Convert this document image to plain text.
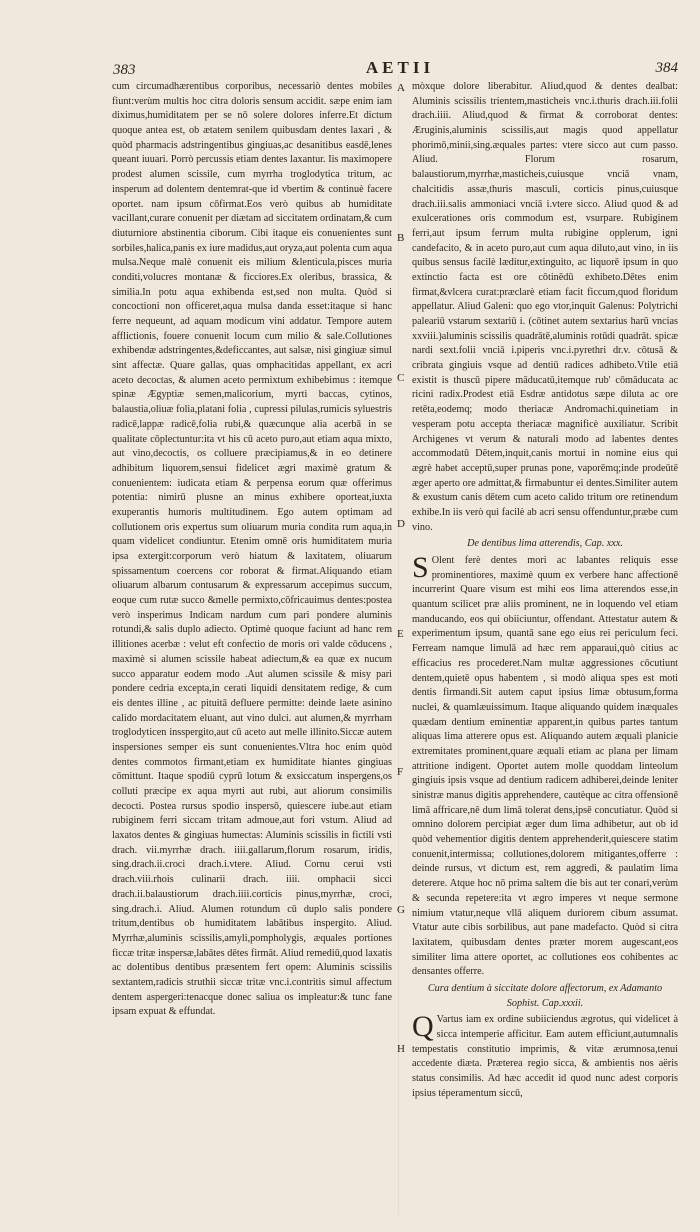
383	AETII	384
A
B
C
D
E
F
G
H

cum circumadhærentibus corporibus, necessariò dentes mobiles fiunt:verùm multis hoc citra doloris sensum accidit. sæpe enim iam diximus,humiditatem per se nō solere dolores inferre.Et dictum quoque antea est, ob ætatem senilem quibusdam dentes laxari , & quòd pharmacis adstringentibus gingiuas,ac desanitibus easdē,lenes queant iuuari. Porrò percussis etiam dentes laxantur. Iis maximopere prodest alumen scissile, cum myrrha troglodytica tritum, ac insperum ad dolentem dentemrat-que id vbertim & continuè facere oportet. nam ipsum cōfirmat.Eos verò quibus ab humiditate vacillant,curare conuenit per diætam ad siccitatem ordinatam,& cum diuturniore abstinentia ciborum. Cibi itaque eis conuenientes sunt sorbiles,halica,panis ex iure madidus,aut oryza,aut polenta cum aqua mulsa.Neque malè conuenit eis milium &lenticula,pisces muria conditi,volucres montanæ & ficciores.Ex oleribus, brassica, & similia.In potu aqua exhibenda est,sed non multa. Quòd si concoctioni non officeret,aqua mulsa danda esset:itaque si hanc ferre nequeunt, ad aquam modicum vini addatur. Tempore autem afflictionis, fouere conuenit locum cum milio & sale.Collutiones exhibendæ adstringentes,&deficcantes, aut salsæ, nisi gingiuæ simul sint affectæ. Quare gallas, quas omphacitidas appellant, ex acri aceto decoctas, & alumen aceto permixtum exhibebimus : itemque spinæ Ægyptiæ semen,malicorium, myrti baccas, cytinos, balaustia,oliuæ folia,platani folia , cupressi pilulas,rumicis syluestris radicē,lappæ radicē,folia rubi,& quæcunque alia acerbā in se qualitate cōplectuntur:ita vt his cū aceto puro,aut etiam aqua mixto, aut vino,decoctis, os colluere præcipiamus,& in eo detinere adhibitum liquorem,sensui fidelicet ægri maximè gratum & conuenientem: iudicata etiam & perpensa eorum quæ offerimus potentia: nimirū plusne an minus exhibere oporteat,iuxta exuperantis humoris multitudinem. Ego autem optimam ad collutionem oris expertus sum oliuarum muria condita rum aqua,in quam videlicet condiuntur. Etenim omnē oris humiditatem muria ipsa extergit:corporum verò hiatum & laxitatem, oliuarum spissamentum coercens cor roborat & firmat.Aliquando etiam oliuarum albarum contusarum & expressarum accepimus succum, eoque cum rutæ succo &melle permixto,cōfricauimus dentes:postea verò insperimus Indicam nardum cum pari pondere aluminis rotundi,& salis duplo adiecto. Optimè quoque faciunt ad hanc rem illitiones acerbæ : velut eft confectio de moris ori valde cōducens , maximè si alumen scissile habeat adiectum,& ea quæ ex nucum succo apparatur eodem modo .Aut alumen scissile & misy pari pondere cedria excepta,in cerati liquidi densitatem redige, & cum eis dentes illine , ac pituitā defluere permitte: deinde laete asinino calido mordacitatem eluant, aut vino dulci. aut alumen,& myrrham troglodyticen insspergito,aut cū aceto aut melle illinito.Siccæ autem inspersiones semper eis sunt conuenientes.Vltra hoc enim quòd dentes commotos firmant,etiam ex humiditate hiantes gingiuas cōmittunt. Itaque spodiū cyprū lotum & exsiccatum inspergens,os colluti præcipe ex aqua myrti aut rubi, aut aliorum consimilis decocti. Postea rursus spodio inspersō, quiescere iube.aut etiam rubiginem ferri siccam tritam admoue,aut fori vstum. Aliud ad laxatos dentes & gingiuas humectas: Aluminis scissilis in fictili vsti drach. vii.myrrhæ drach. iiii.gallarum,florum rosarum, iridis, sing.drach.ii.croci drach.i.vtere. Aliud. Cornu cerui vsti drach.viii.rhois culinarii drach. iiii. omphacii sicci drach.ii.balaustiorum drach.iiii.corticis pinus,myrrhæ, croci, sing.drach.i. Aliud. Alumen rotundum cū duplo salis pondere tritum,dentibus ob humiditatem labātibus inspergito. Aliud. Myrrhæ,aluminis scissilis,amyli,pompholygis, æquales portiones ficcæ tritæ inspersæ,labātes dētes firmāt. Aliud remediū,quod laxatis ac dolentibus dentibus præsentem fert opem: Aluminis scissilis sextantem,radicis struthii siccæ tritæ vnc.i.contritis simul affectum dentem aspergeri:tenacque donec saliua os impleatur:& tunc fane ipsam expuat & effundat.

mòxque dolore liberabitur. Aliud,quod & dentes dealbat: Aluminis scissilis trientem,masticheis vnc.i.thuris drach.iii.folii drach.iiii. Aliud,quod & firmat & corroborat dentes: Æruginis,aluminis scissilis,aut magis quod appellatur phorimō,minii,sing.æquales partes: vtere sicco aut cum passo. Aliud. Florum rosarum, balaustiorum,myrrhæ,masticheis,cuiusque vnciā vnam, chalcitidis assæ,thuris masculi, corticis pinus,cuiusque drach.iii.salis ammoniaci vnciā i.vtere sicco. Aliud quod & ad exulcerationes oris commodum est, vsurpare. Rubiginem ferri,aut ipsum ferrum multa rubigine opplerum, igni candefacito, & in aceto puro,aut cum aqua diluto,aut vino, in iis quibus sensus facilè læditur,extinguito, ac liquorē ipsum in quo extinctio facta est ore cōtinēdū exhibeto.Dētes enim firmat,&vlcera curat:præclarè etiam facit ficcum,quod floridum appellatur. Aliud Galeni: quo ego vtor,inquit Galenus: Polytrichi paleariū vstarum sextariū i. (cōtinet autem sextarius harū vncias xxviii.)aluminis scissilis quadrātē,aluminis rotūdi quadrāt. spicæ nardi sext.folii vnciā i.piperis vnc.i.pyrethri dr.v. cōtusā & cribrata gingiuis vsque ad dentiū radices adhibeto.Vtile etiā existit is thuscū pipere māducatū,itemque rub' cōmāducata ac ricini radix.Prodest etiā Esdræ antidotus sæpe diluta ac ore retēta,eodemq; modo theriacæ Andromachi.quinetiam in vesperam potu accepta theriacæ magnificè auxiliatur. Scribit Archigenes vt verum & naturali modo ad labentes dentes accommodatū Dētem,inquit,canis mortui in nomine eius qui ægrè habet acceptū,super prunas pone, vaporēmq;inde prodeūtē æger aperto ore admittat,& firmabuntur ei dentes.Similiter autem & exustum canis dētem cum aceto calido tritum ore retinendum exhibe.In iis verò qui facilè ab acri sensu offenduntur,præbe cum vino.

De dentibus lima atterendis, Cap. xxx.

S Olent ferè dentes mori ac labantes reliquis esse prominentiores, maximè quum ex verbere hanc affectionē incurrerint Quare visum est mihi eos lima atterendos esse,in quantum scilicet præ aliis prominent, ne in loquendo vel etiam manducando, eos qui obiiciuntur, offendant. Attestatur autem & experimentum ipsum, quantā sane ego eius rei periculum feci. Ferream namque limulā ad hæc rem apparaui,quò citius ac efficacius res procederet.Nam multæ aggressiones cōcutiunt dentem,quietē opus habentem , si modò aliqua spes est moti dentis firmandi.Sit autem caput ipsius limæ obtusum,forma nuclei, & quamlæuissimum. Itaque aliquando quidem inæquales quædam dentium eminentiæ apparent,in quibus partes tantum aliquas lima atterere opus est. Aliquando autem æquali planicie extremitates prominent,quare æquali etiam ac plana per limam attritione indigent. Oportet autem molle quoddam linteolum gingiuis ipsis vsque ad dentium radicem adhiberei,deinde leniter sinistræ manus digitis apprehendere, cautèque ac citra offensionē limā affricare,nē dum limā tolerat dens,ipsē concutiatur. Quòd si omnino dolorem percipiat æger dum lima adhibetur, aut ob id quòd vehementior digitis dentem apprehenderit,quiescere statim conuenit,intermissa; collutiones,dolorem mitigantes,offerre : deinde rursus, vt dictum est, rem aggredi, & paulatim lima deterere. Atque hoc nō prima saltem die bis aut ter conari,verùm & secunda repetere:ita vt ægro imperes vt neque sermone nimium vtatur,neque vllā aliquem duriorem cibum assumat. Vtatur aute cibis sorbilibus, aut pane madefacto. Quòd si citra laxitatem, quibusdam dentes præter morem augescant,eos similiter lima attere oportet, ac collutiones eos cohibentes ac densantes offerre.

Cura dentium à siccitate dolore affectorum, ex Adamanto Sophist. Cap.xxxii.

Q Vartus iam ex ordine subiiciendus ægrotus, qui videlicet à sicca intemperie afficitur. Eam autem efficiunt,autumnalis tempestatis constitutio imprimis, & vitæ ærumnosa,tenui accedente diæta. Præterea regio sicca, & ambientis nos aëris status consimilis. Ad hæc accedit id quod nunc adest corporis ipsius téperamentum siccū,
